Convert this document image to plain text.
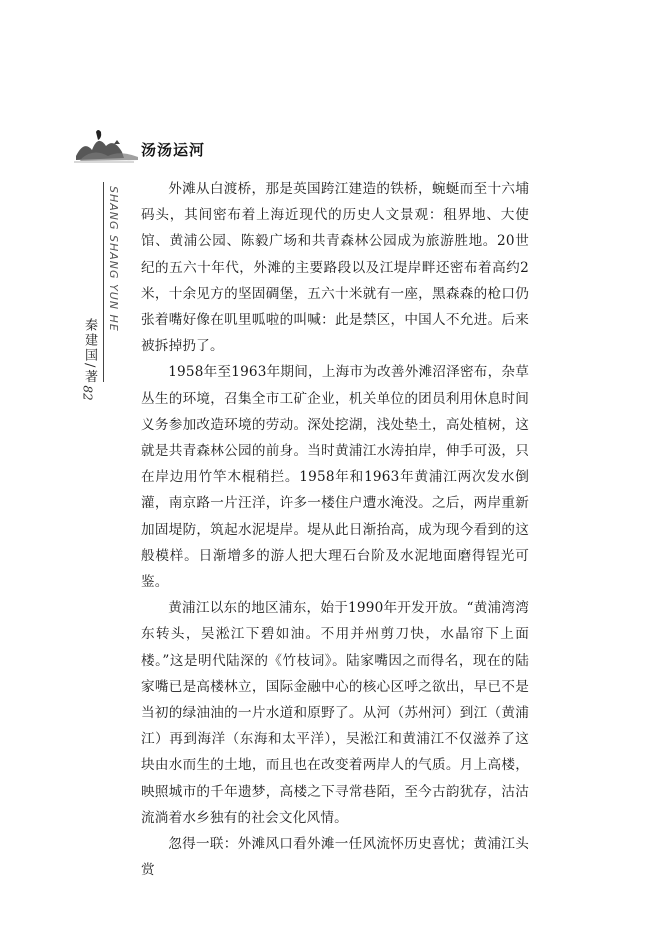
汤汤运河
SHANG SHANG YUN HE
秦建国/著
82

外滩从白渡桥，那是英国跨江建造的铁桥，蜿蜒而至十六埔码头，其间密布着上海近现代的历史人文景观：租界地、大使馆、黄浦公园、陈毅广场和共青森林公园成为旅游胜地。20世纪的五六十年代，外滩的主要路段以及江堤岸畔还密布着高约2米，十余见方的坚固碉堡，五六十米就有一座，黑森森的枪口仍张着嘴好像在叽里呱啦的叫喊：此是禁区，中国人不允进。后来被拆掉扔了。

1958年至1963年期间，上海市为改善外滩沼泽密布，杂草丛生的环境，召集全市工矿企业，机关单位的团员利用休息时间义务参加改造环境的劳动。深处挖湖，浅处垫土，高处植树，这就是共青森林公园的前身。当时黄浦江水涛拍岸，伸手可汲，只在岸边用竹竿木棍稍拦。1958年和1963年黄浦江两次发水倒灌，南京路一片汪洋，许多一楼住户遭水淹没。之后，两岸重新加固堤防，筑起水泥堤岸。堤从此日渐抬高，成为现今看到的这般模样。日渐增多的游人把大理石台阶及水泥地面磨得锃光可鉴。

黄浦江以东的地区浦东，始于1990年开发开放。“黄浦湾湾东转头，吴淞江下碧如油。不用并州剪刀快，水晶帘下上面楼。”这是明代陆深的《竹枝词》。陆家嘴因之而得名，现在的陆家嘴已是高楼林立，国际金融中心的核心区呼之欲出，早已不是当初的绿油油的一片水道和原野了。从河（苏州河）到江（黄浦江）再到海洋（东海和太平洋），吴淞江和黄浦江不仅滋养了这块由水而生的土地，而且也在改变着两岸人的气质。月上高楼，映照城市的千年遗梦，高楼之下寻常巷陌，至今古韵犹存，沽沽流淌着水乡独有的社会文化风情。

忽得一联：外滩风口看外滩一任风流怀历史喜忧；黄浦江头赏
